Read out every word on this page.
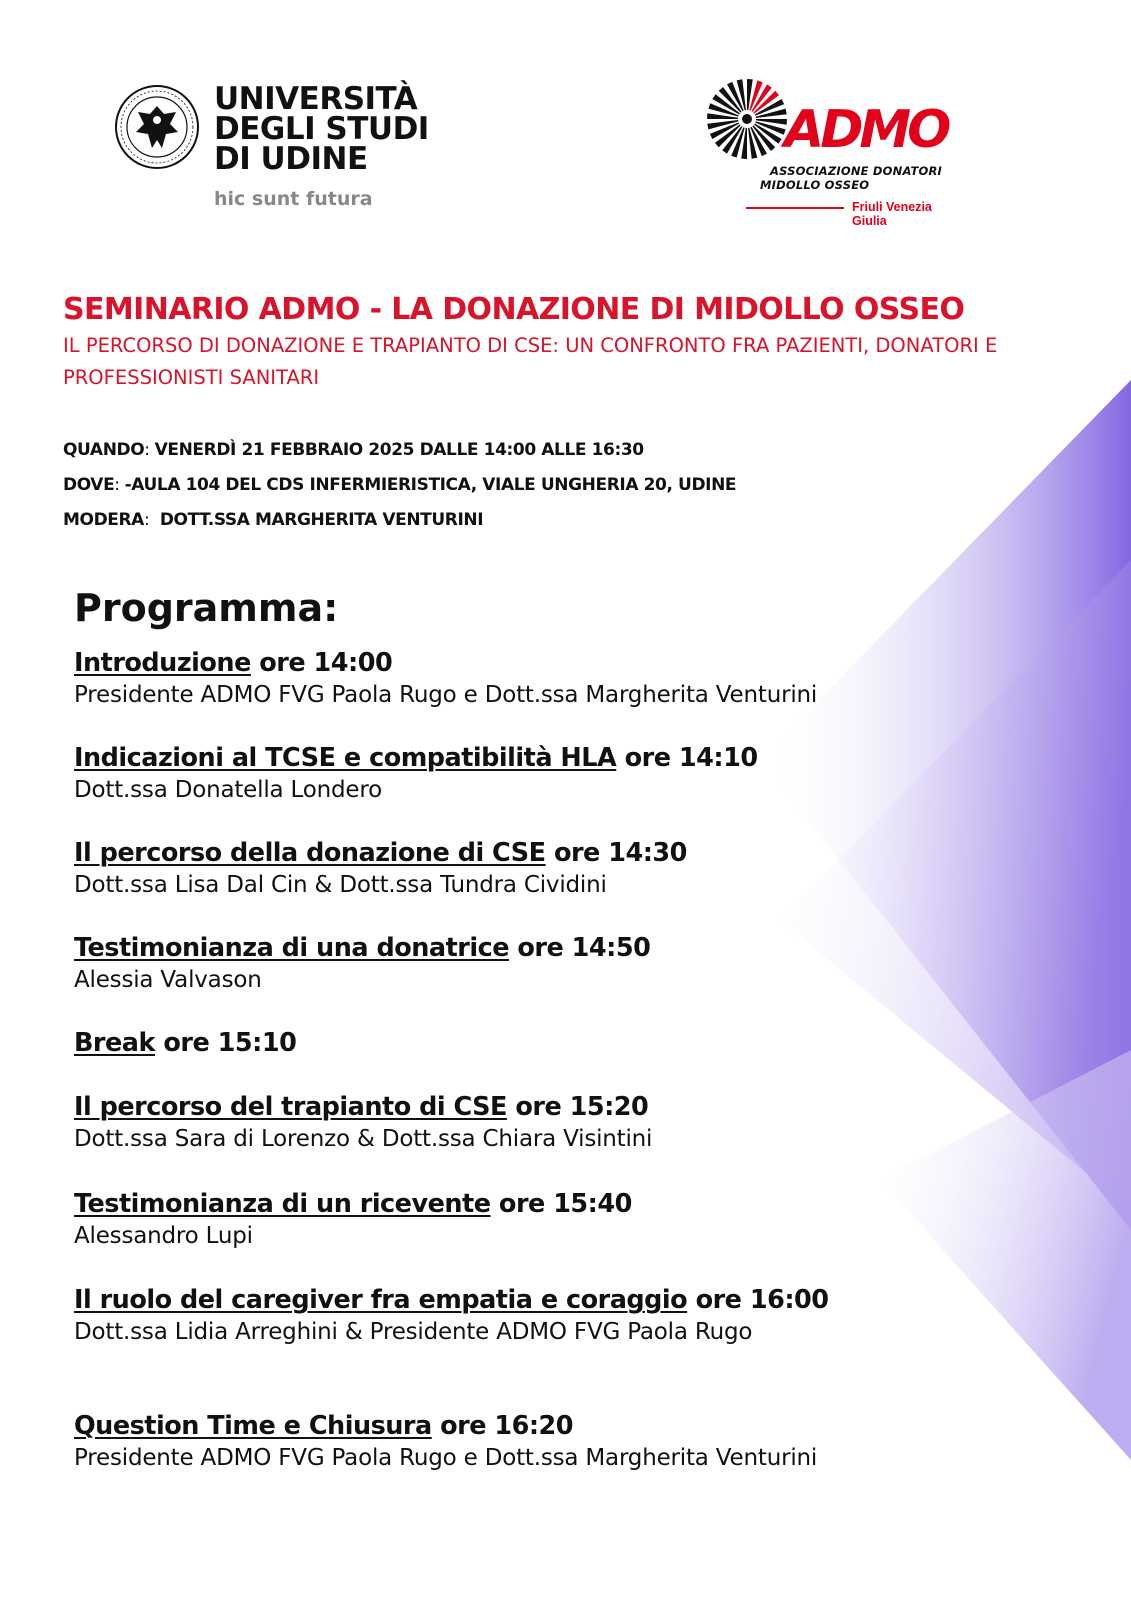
UNIVERSITÀ
DEGLI STUDI
DI UDINE

hic sunt futura
ADMO
ASSOCIAZIONE DONATORI
MIDOLLO OSSEO
Friuli Venezia Giulia
SEMINARIO ADMO - LA DONAZIONE DI MIDOLLO OSSEO

IL PERCORSO DI DONAZIONE E TRAPIANTO DI CSE: UN CONFRONTO FRA PAZIENTI, DONATORI E PROFESSIONISTI SANITARI

QUANDO: VENERDÌ 21 FEBBRAIO 2025 DALLE 14:00 ALLE 16:30
DOVE: -AULA 104 DEL CDS INFERMIERISTICA, VIALE UNGHERIA 20, UDINE
MODERA:  DOTT.SSA MARGHERITA VENTURINI
Programma:
Introduzione ore 14:00
Presidente ADMO FVG Paola Rugo e Dott.ssa Margherita Venturini
Indicazioni al TCSE e compatibilità HLA ore 14:10
Dott.ssa Donatella Londero
Il percorso della donazione di CSE ore 14:30
Dott.ssa Lisa Dal Cin & Dott.ssa Tundra Cividini
Testimonianza di una donatrice ore 14:50
Alessia Valvason
Break ore 15:10
Il percorso del trapianto di CSE ore 15:20
Dott.ssa Sara di Lorenzo & Dott.ssa Chiara Visintini
Testimonianza di un ricevente ore 15:40
Alessandro Lupi
Il ruolo del caregiver fra empatia e coraggio ore 16:00
Dott.ssa Lidia Arreghini & Presidente ADMO FVG Paola Rugo
Question Time e Chiusura ore 16:20
Presidente ADMO FVG Paola Rugo e Dott.ssa Margherita Venturini
